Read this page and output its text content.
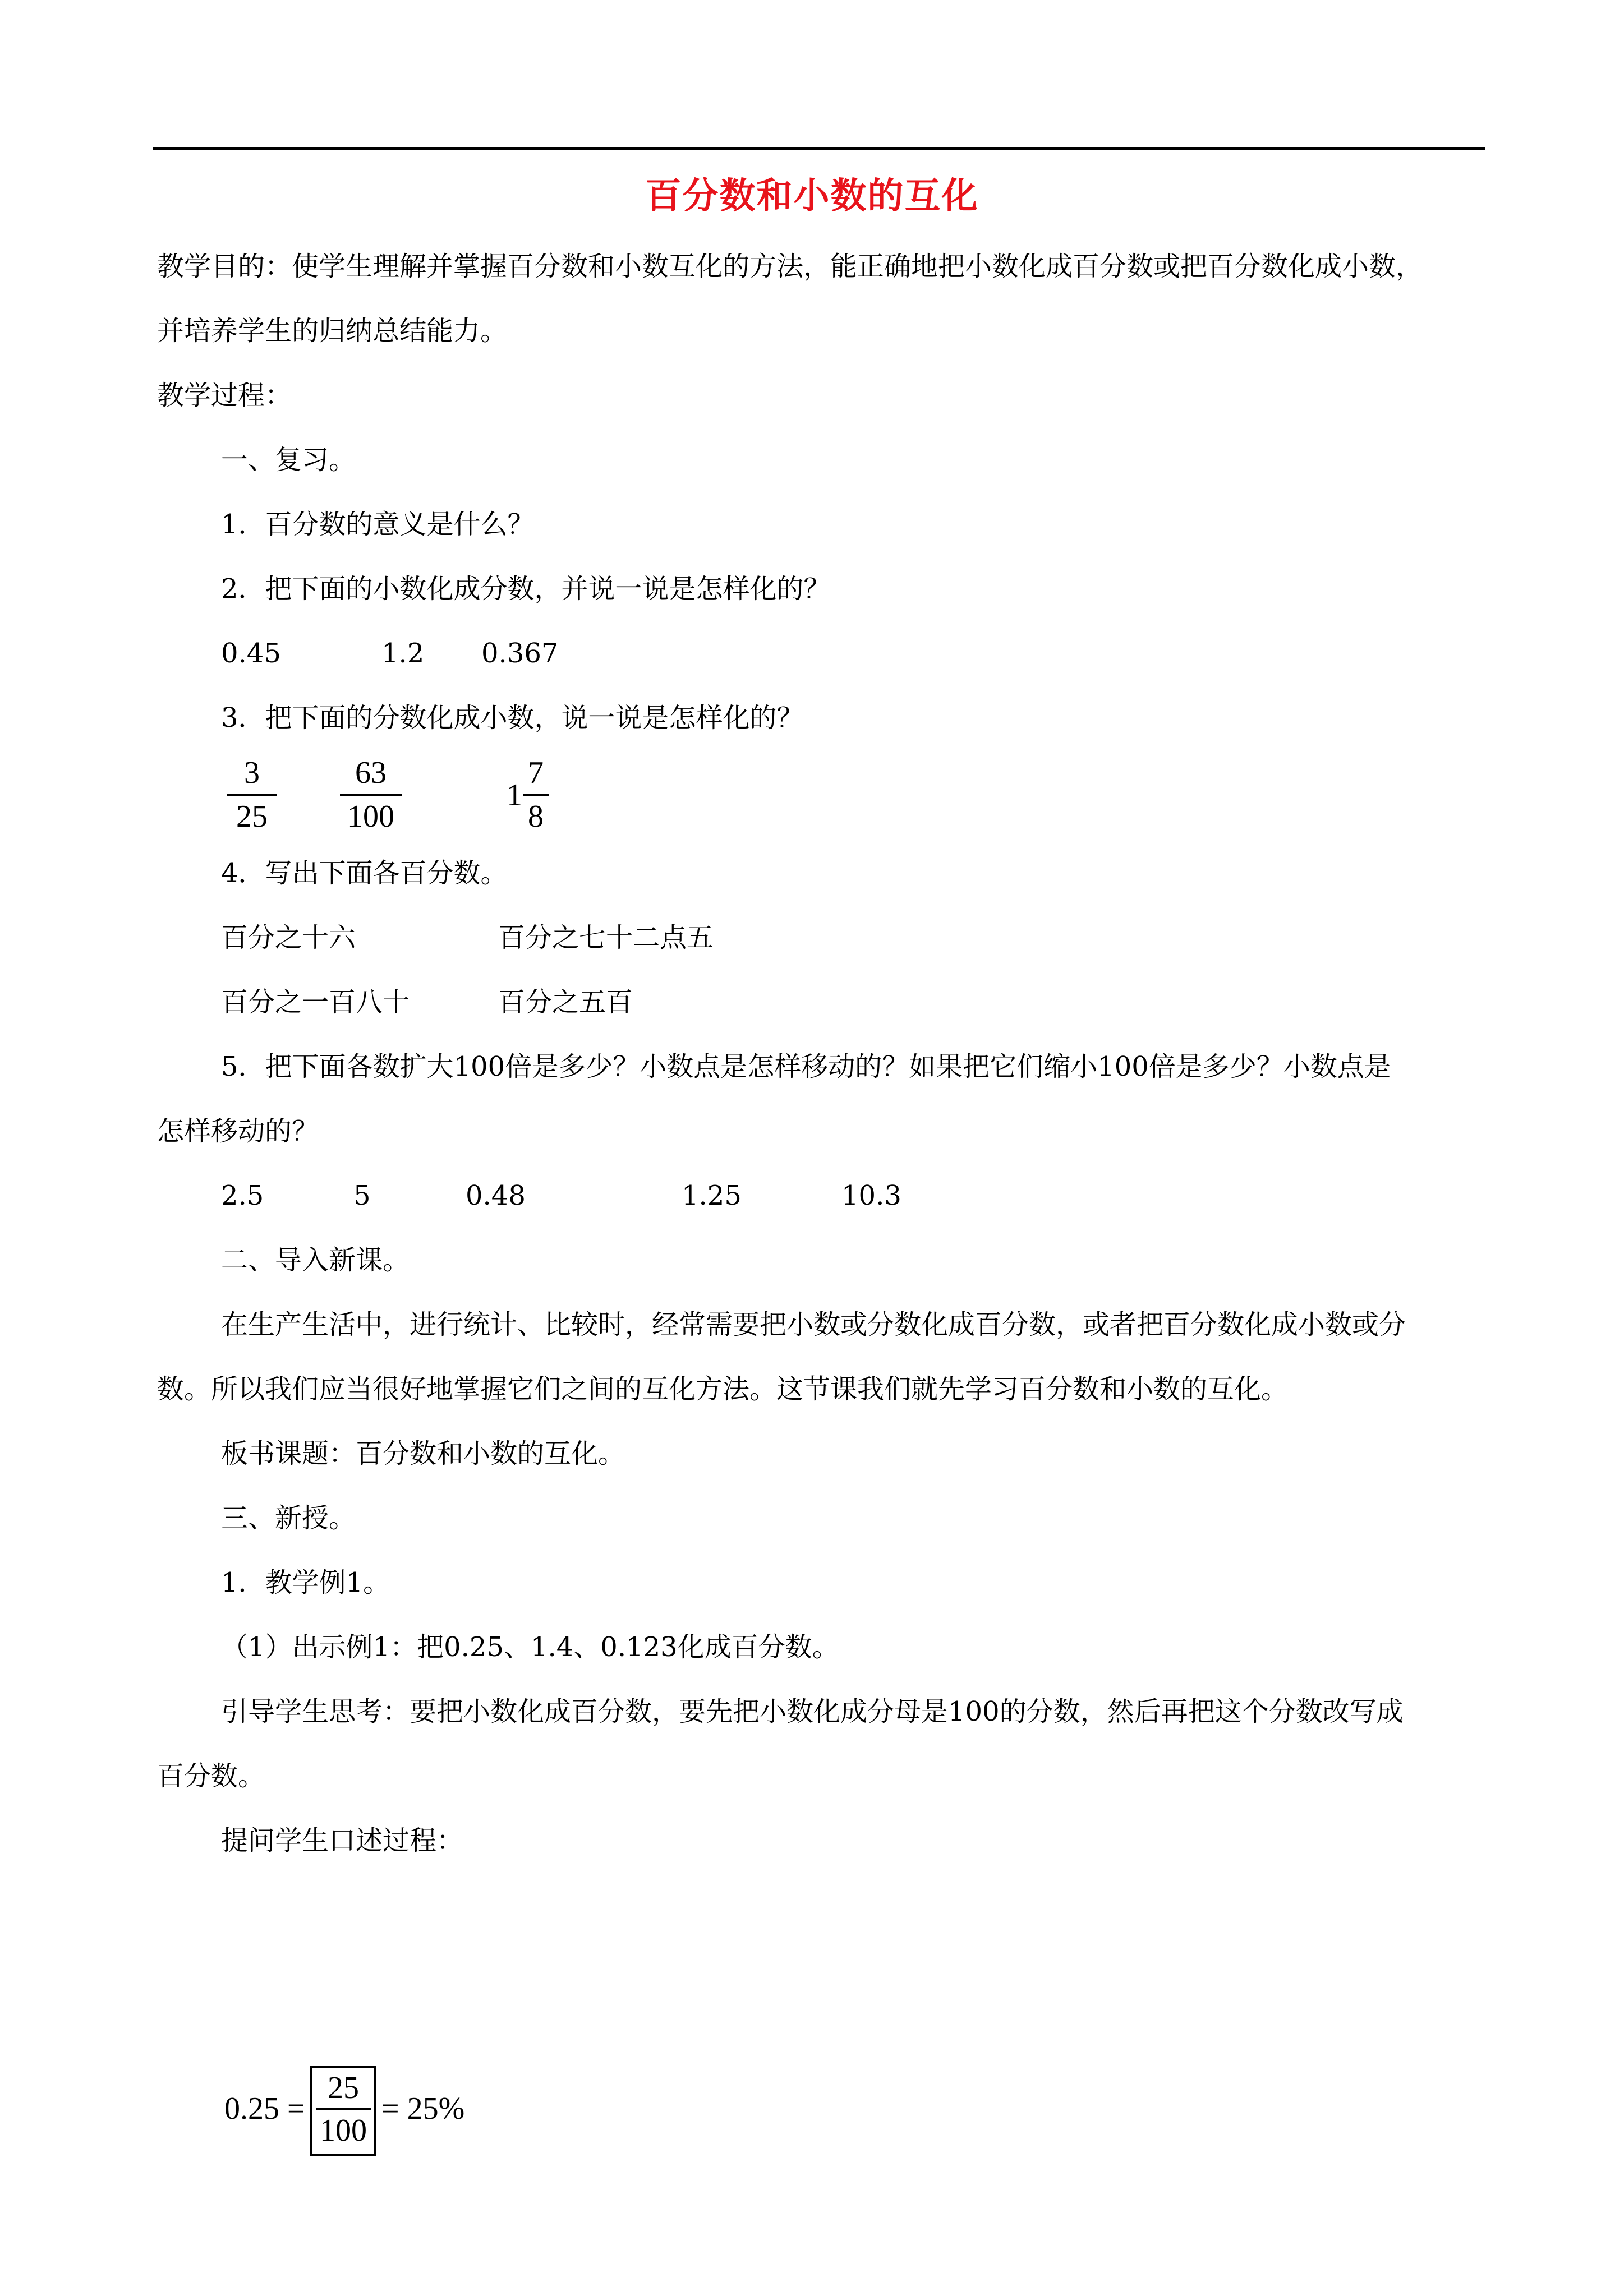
百分数和小数的互化
教学目的：使学生理解并掌握百分数和小数互化的方法，能正确地把小数化成百分数或把百分数化成小数，
并培养学生的归纳总结能力。
教学过程：
一、复习。
1．百分数的意义是什么？
2．把下面的小数化成分数，并说一说是怎样化的？
0.45	1.2 0.367
3．把下面的分数化成小数，说一说是怎样化的？
3
25
63
100
1
7
8
4．写出下面各百分数。
百分之十六	百分之七十二点五
百分之一百八十	百分之五百
5．把下面各数扩大100倍是多少？小数点是怎样移动的？如果把它们缩小100倍是多少？小数点是
怎样移动的？
2.5	5	0.48	1.25	10.3
二、导入新课。
在生产生活中，进行统计、比较时，经常需要把小数或分数化成百分数，或者把百分数化成小数或分
数。所以我们应当很好地掌握它们之间的互化方法。这节课我们就先学习百分数和小数的互化。
板书课题：百分数和小数的互化。
三、新授。
1．教学例1。
（1）出示例1：把0.25、1.4、0.123化成百分数。
引导学生思考：要把小数化成百分数，要先把小数化成分母是100的分数，然后再把这个分数改写成
百分数。
提问学生口述过程：
0.25 =
25
100
= 25%
